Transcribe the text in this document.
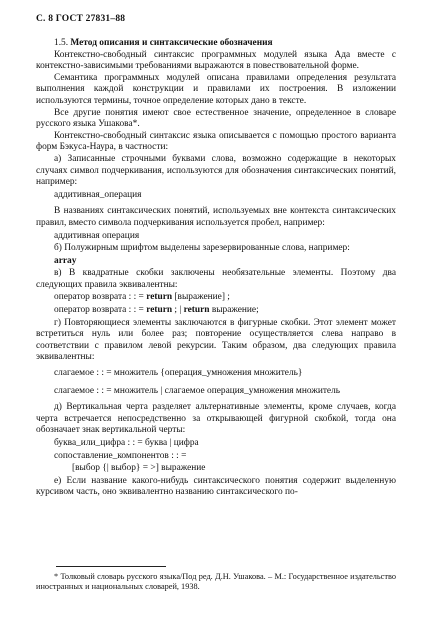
С. 8 ГОСТ 27831–88

1.5. Метод описания и синтаксические обозначения

Контекстно-свободный синтаксис программных модулей языка Ада вместе с контекстно-зависимыми требованиями выражаются в повествовательной форме.

Семантика программных модулей описана правилами определения результата выполнения каждой конструкции и правилами их построения. В изложении используются термины, точное определение которых дано в тексте.

Все другие понятия имеют свое естественное значение, определенное в словаре русского языка Ушакова*.

Контекстно-свободный синтаксис языка описывается с помощью простого варианта форм Бэкуса-Наура, в частности:

а) Записанные строчными буквами слова, возможно содержащие в некоторых случаях символ подчеркивания, используются для обозначения синтаксических понятий, например:

аддитивная_операция

В названиях синтаксических понятий, используемых вне контекста синтаксических правил, вместо символа подчеркивания используется пробел, например:

аддитивная операция

б) Полужирным шрифтом выделены зарезервированные слова, например:

array

в) В квадратные скобки заключены необязательные элементы. Поэтому два следующих правила эквивалентны:

оператор возврата : : = return [выражение] ;

оператор возврата : : = return ; | return выражение;

г) Повторяющиеся элементы заключаются в фигурные скобки. Этот элемент может встретиться нуль или более раз; повторение осуществляется слева направо в соответствии с правилом левой рекурсии. Таким образом, два следующих правила эквивалентны:

слагаемое : : = множитель {операция_умножения множитель}

слагаемое : : = множитель | слагаемое операция_умножения множитель

д) Вертикальная черта разделяет альтернативные элементы, кроме случаев, когда черта встречается непосредственно за открывающей фигурной скобкой, тогда она обозначает знак вертикальной черты:

буква_или_цифра : : = буква | цифра

сопоставление_компонентов : : =

[выбор {| выбор} = >] выражение

е) Если название какого-нибудь синтаксического понятия содержит выделенную курсивом часть, оно эквивалентно названию синтаксического по-

* Толковый словарь русского языка/Под ред. Д.Н. Ушакова. – М.: Государственное издательство иностранных и национальных словарей, 1938.
